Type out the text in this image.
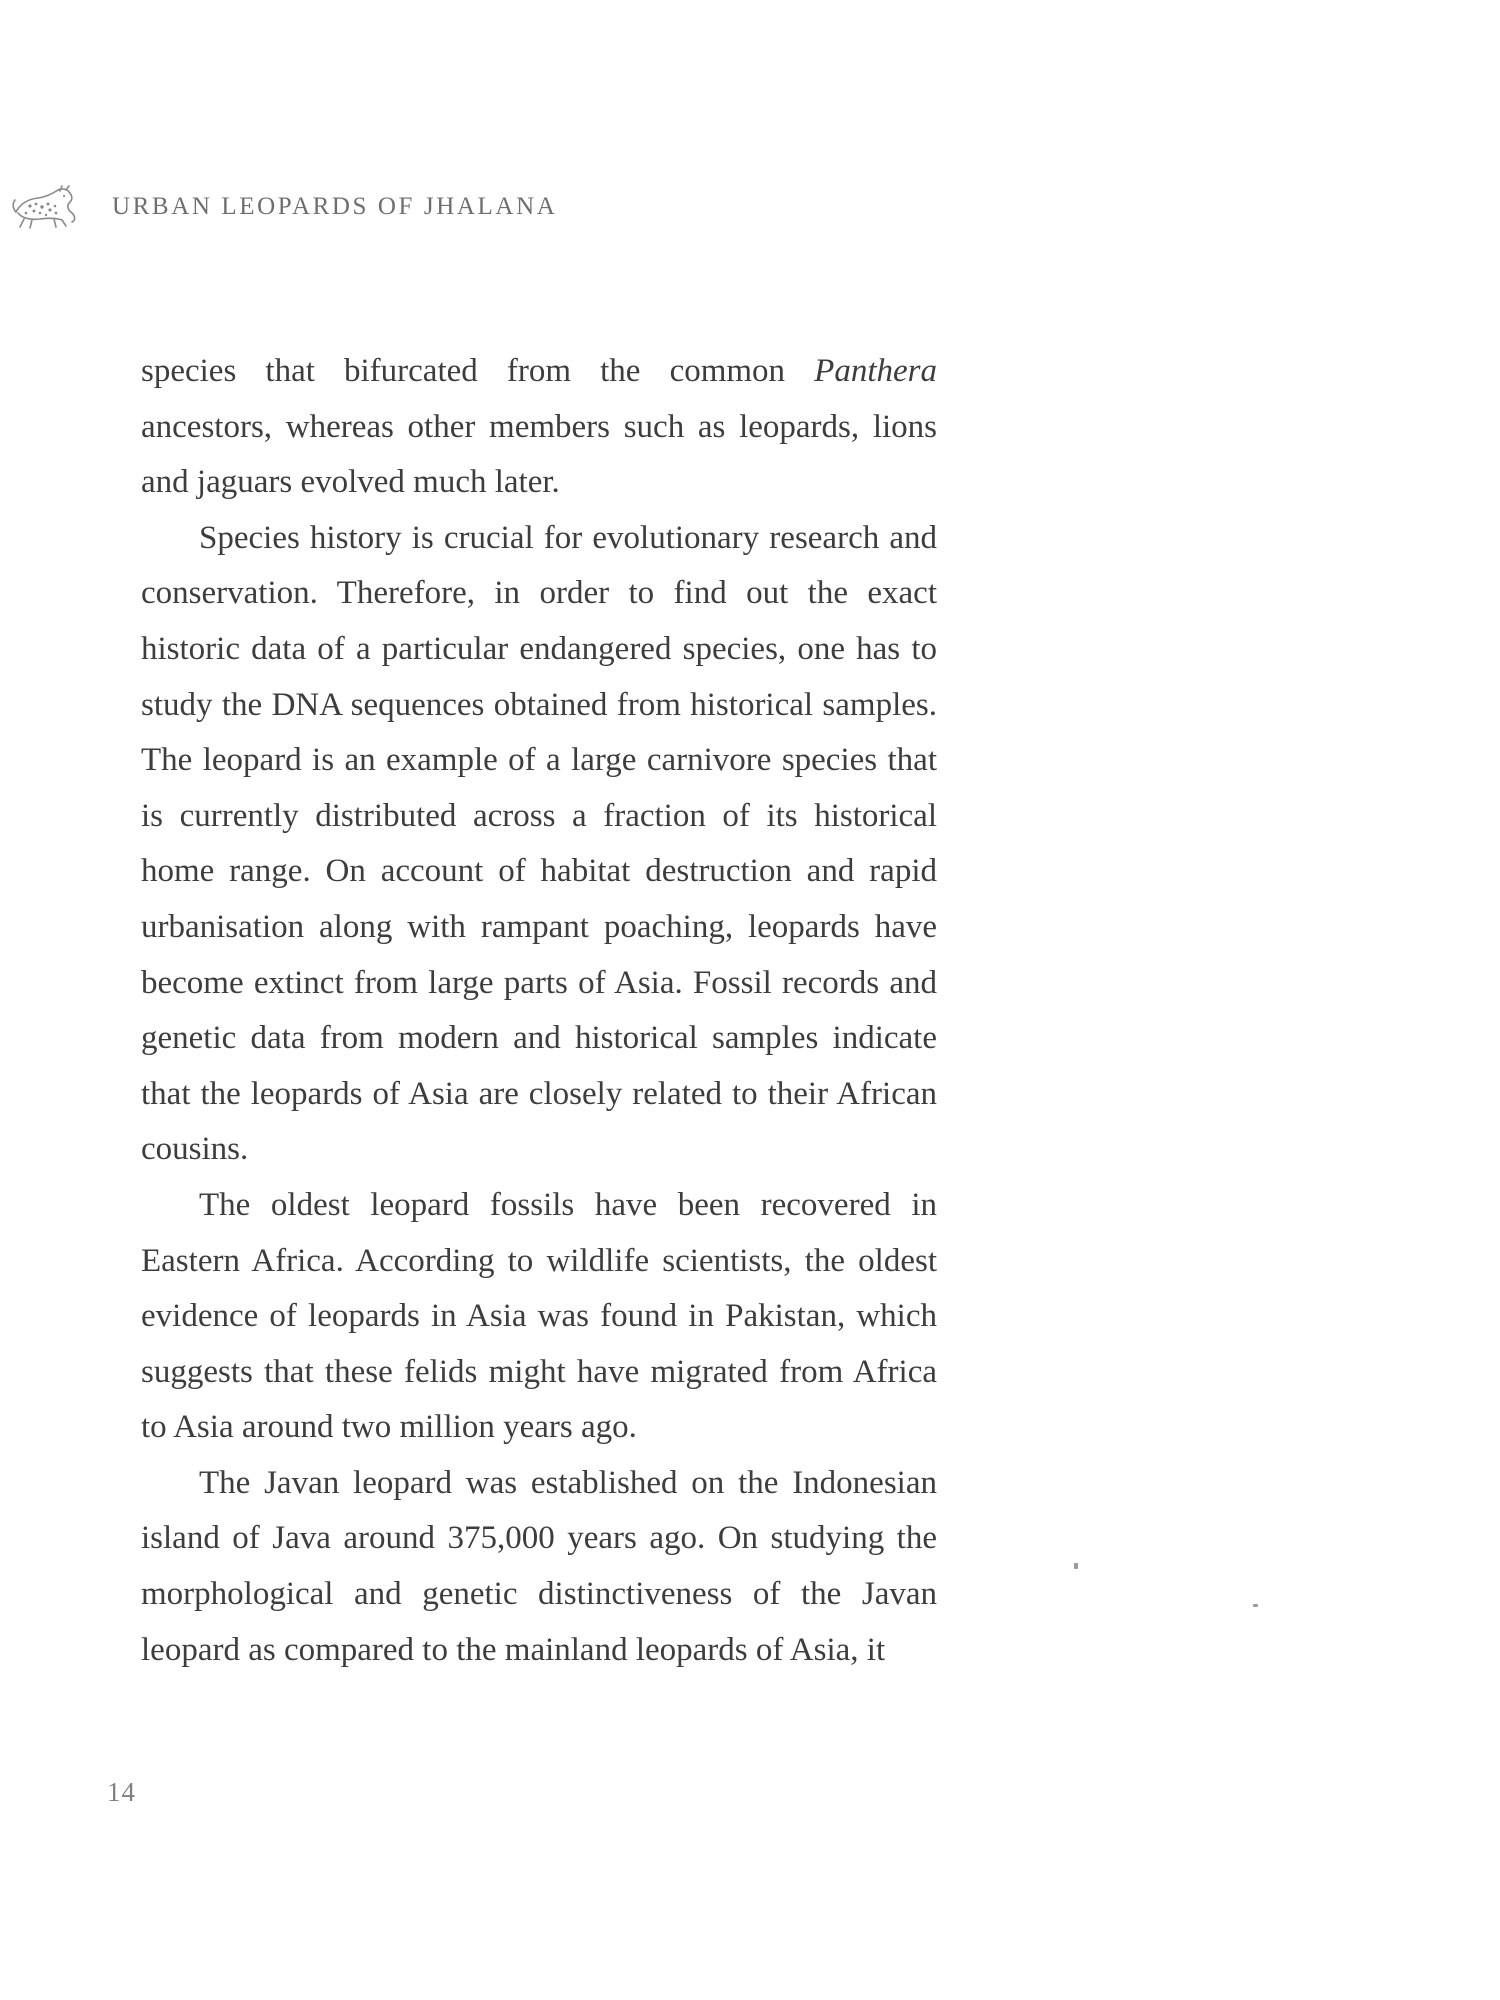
URBAN LEOPARDS OF JHALANA

species that bifurcated from the common Panthera ancestors, whereas other members such as leopards, lions and jaguars evolved much later.

Species history is crucial for evolutionary research and conservation. Therefore, in order to find out the exact historic data of a particular endangered species, one has to study the DNA sequences obtained from historical samples. The leopard is an example of a large carnivore species that is currently distributed across a fraction of its historical home range. On account of habitat destruction and rapid urbanisation along with rampant poaching, leopards have become extinct from large parts of Asia. Fossil records and genetic data from modern and historical samples indicate that the leopards of Asia are closely related to their African cousins.

The oldest leopard fossils have been recovered in Eastern Africa. According to wildlife scientists, the oldest evidence of leopards in Asia was found in Pakistan, which suggests that these felids might have migrated from Africa to Asia around two million years ago.

The Javan leopard was established on the Indonesian island of Java around 375,000 years ago. On studying the morphological and genetic distinctiveness of the Javan leopard as compared to the mainland leopards of Asia, it

14
